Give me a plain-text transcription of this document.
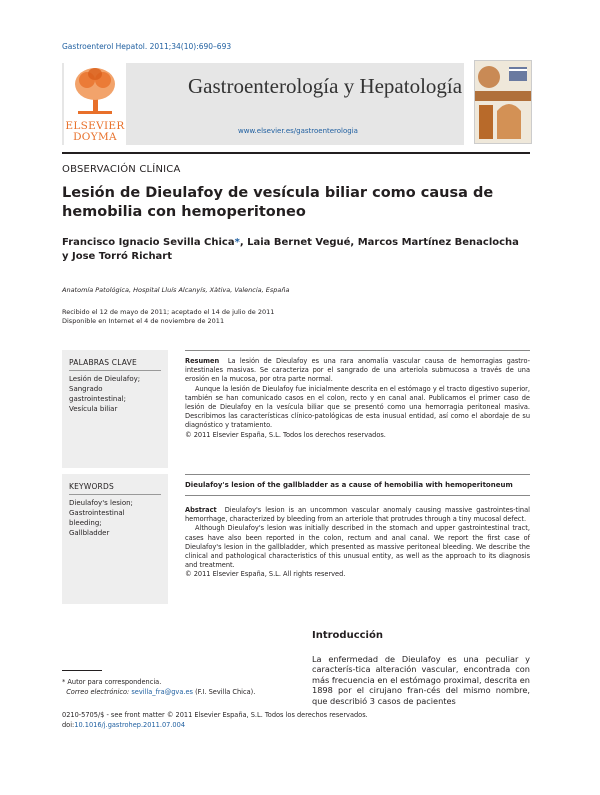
Gastroenterol Hepatol. 2011;34(10):690–693
ELSEVIER
DOYMA
Gastroenterología y Hepatología
www.elsevier.es/gastroenterologia
OBSERVACIÓN CLÍNICA
Lesión de Dieulafoy de vesícula biliar como causa de hemobilia con hemoperitoneo
Francisco Ignacio Sevilla Chica*, Laia Bernet Vegué, Marcos Martínez Benaclocha
y Jose Torró Richart
Anatomía Patológica, Hospital Lluís Alcanyís, Xàtiva, Valencia, España
Recibido el 12 de mayo de 2011; aceptado el 14 de julio de 2011
Disponible en Internet el 4 de noviembre de 2011
PALABRAS CLAVE
Lesión de Dieulafoy;
Sangrado
gastrointestinal;
Vesícula biliar
KEYWORDS
Dieulafoy's lesion;
Gastrointestinal
bleeding;
Gallbladder
Resumen La lesión de Dieulafoy es una rara anomalía vascular causa de hemorragias gastro-intestinales masivas. Se caracteriza por el sangrado de una arteriola submucosa a través de una erosión en la mucosa, por otra parte normal.
Aunque la lesión de Dieulafoy fue inicialmente descrita en el estómago y el tracto digestivo superior, también se han comunicado casos en el colon, recto y en canal anal. Publicamos el primer caso de lesión de Dieulafoy en la vesícula biliar que se presentó como una hemorragia peritoneal masiva. Describimos las características clínico-patológicas de esta inusual entidad, así como el abordaje de su diagnóstico y tratamiento.
© 2011 Elsevier España, S.L. Todos los derechos reservados.
Dieulafoy's lesion of the gallbladder as a cause of hemobilia with hemoperitoneum
Abstract Dieulafoy's lesion is an uncommon vascular anomaly causing massive gastrointes-tinal hemorrhage, characterized by bleeding from an arteriole that protrudes through a tiny mucosal defect.
Although Dieulafoy's lesion was initially described in the stomach and upper gastrointestinal tract, cases have also been reported in the colon, rectum and anal canal. We report the first case of Dieulafoy's lesion in the gallbladder, which presented as massive peritoneal bleeding. We describe the clinical and pathological characteristics of this unusual entity, as well as the approach to its diagnosis and treatment.
© 2011 Elsevier España, S.L. All rights reserved.
Introducción
La enfermedad de Dieulafoy es una peculiar y caracterís-tica alteración vascular, encontrada con más frecuencia en el estómago proximal, descrita en 1898 por el cirujano fran-cés del mismo nombre, que describió 3 casos de pacientes
* Autor para correspondencia.
Correo electrónico: sevilla_fra@gva.es (F.I. Sevilla Chica).
0210-5705/$ - see front matter © 2011 Elsevier España, S.L. Todos los derechos reservados.
doi:10.1016/j.gastrohep.2011.07.004
